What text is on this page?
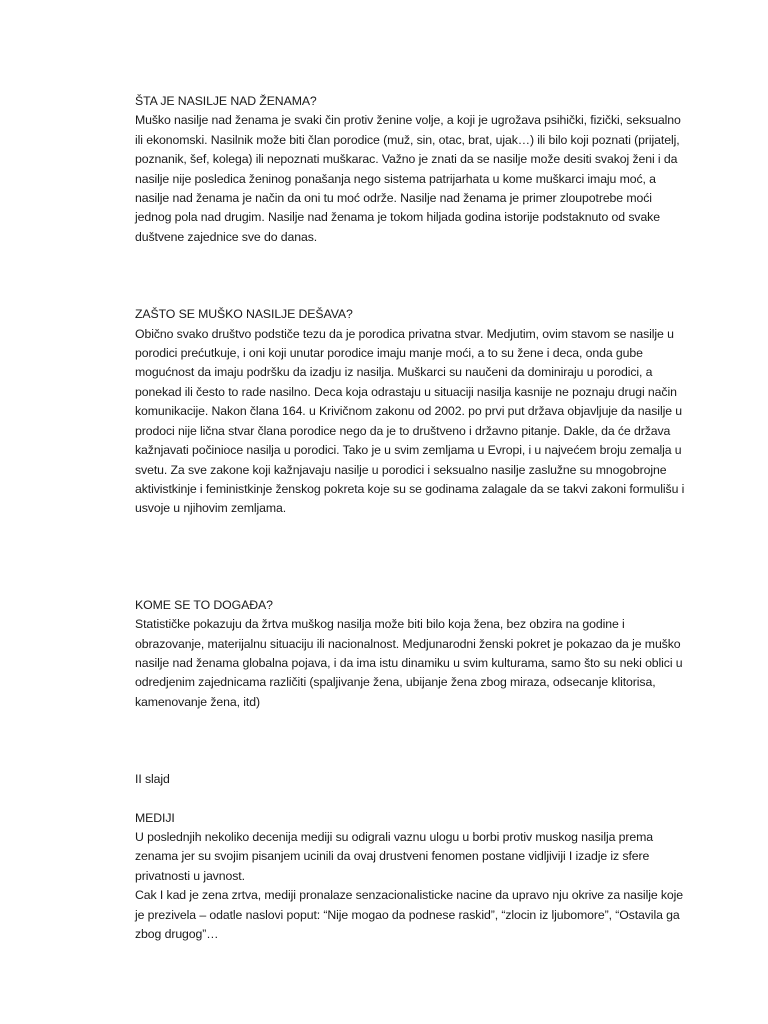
ŠTA JE NASILJE NAD ŽENAMA?

Muško nasilje nad ženama je svaki čin protiv ženine volje, a koji je ugrožava psihički, fizički, seksualno ili ekonomski. Nasilnik može biti član porodice (muž, sin, otac, brat, ujak…) ili bilo koji poznati (prijatelj, poznanik, šef, kolega) ili nepoznati muškarac. Važno je znati da se nasilje može desiti svakoj ženi i da nasilje nije posledica ženinog ponašanja nego sistema patrijarhata u kome muškarci imaju moć, a nasilje nad ženama je način da oni tu moć održe. Nasilje nad ženama je primer zloupotrebe moći jednog pola nad drugim. Nasilje nad ženama je tokom hiljada godina istorije podstaknuto od svake duštvene zajednice sve do danas.

ZAŠTO SE MUŠKO NASILJE DEŠAVA?

Obično svako društvo podstiče tezu da je porodica privatna stvar. Medjutim, ovim stavom se nasilje u porodici prećutkuje, i oni koji unutar porodice imaju manje moći, a to su žene i deca, onda gube mogućnost da imaju podršku da izadju iz nasilja. Muškarci su naučeni da dominiraju u porodici, a ponekad ili često to rade nasilno. Deca koja odrastaju u situaciji nasilja kasnije ne poznaju drugi način komunikacije. Nakon člana 164. u Krivičnom zakonu od 2002. po prvi put država objavljuje da nasilje u prodoci nije lična stvar člana porodice nego da je to društveno i državno pitanje. Dakle, da će država kažnjavati počinioce nasilja u porodici. Tako je u svim zemljama u Evropi, i u najvećem broju zemalja u svetu. Za sve zakone koji kažnjavaju nasilje u porodici i seksualno nasilje zaslužne su mnogobrojne aktivistkinje i feministkinje ženskog pokreta koje su se godinama zalagale da se takvi zakoni formulišu i usvoje u njihovim zemljama.

KOME SE TO DOGAĐA?

Statističke pokazuju da žrtva muškog nasilja može biti bilo koja žena, bez obzira na godine i obrazovanje, materijalnu situaciju ili nacionalnost. Medjunarodni ženski pokret je pokazao da je muško nasilje nad ženama globalna pojava, i da ima istu dinamiku u svim kulturama, samo što su neki oblici u odredjenim zajednicama različiti (spaljivanje žena, ubijanje žena zbog miraza, odsecanje klitorisa, kamenovanje žena, itd)

II slajd

MEDIJI

U poslednjih nekoliko decenija mediji su odigrali vaznu ulogu u borbi protiv muskog nasilja prema zenama jer su svojim pisanjem ucinili da ovaj drustveni fenomen postane vidljiviji I izadje iz sfere privatnosti u javnost.

Cak I kad je zena zrtva, mediji pronalaze senzacionalisticke nacine da upravo nju okrive za nasilje koje je prezivela – odatle naslovi poput: “Nije mogao da podnese raskid”, “zlocin iz ljubomore”, “Ostavila ga zbog drugog”…
